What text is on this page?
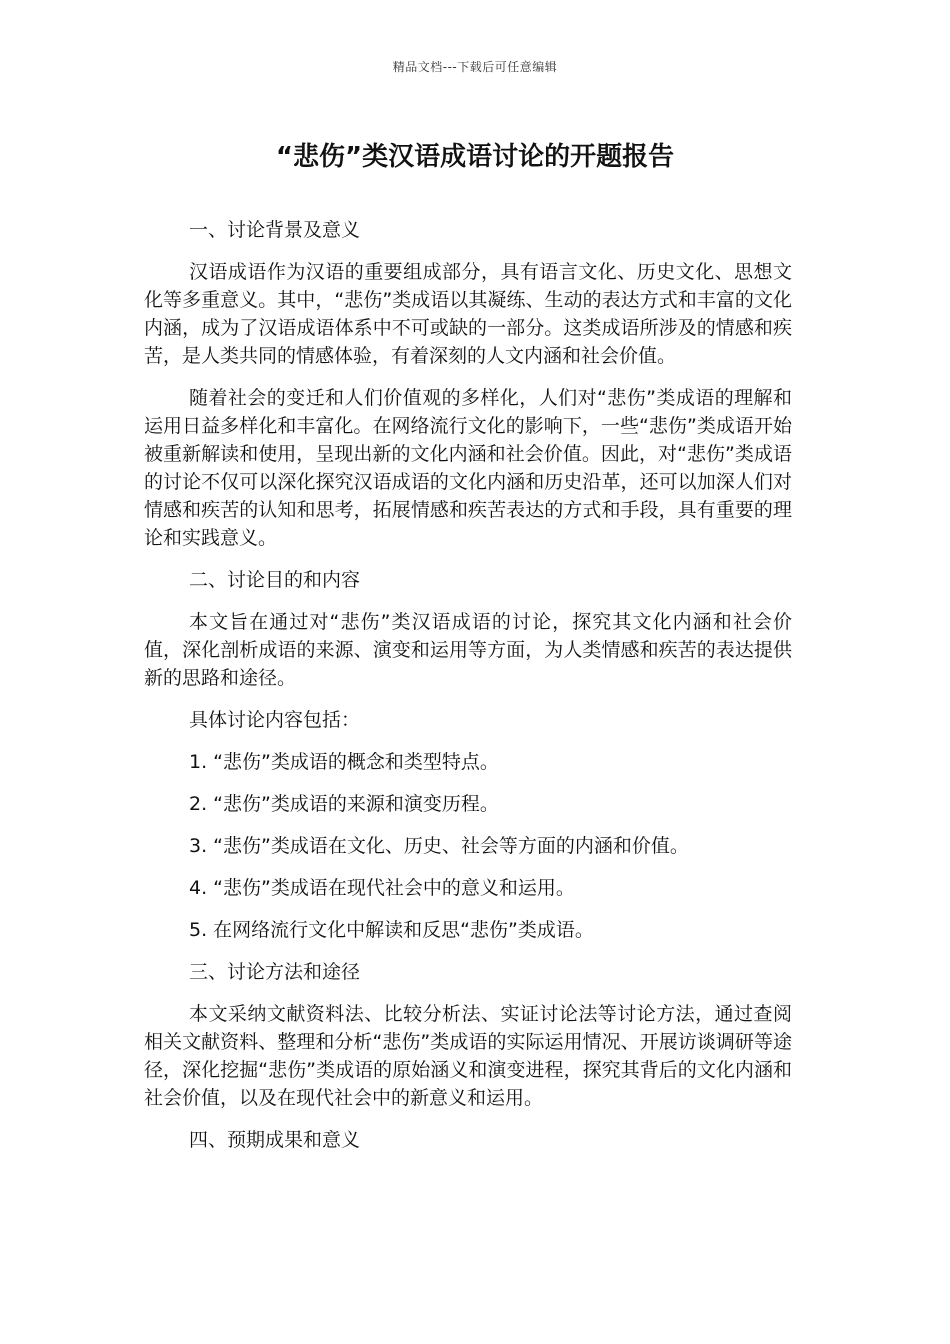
精品文档---下载后可任意编辑
“悲伤”类汉语成语讨论的开题报告
一、讨论背景及意义

汉语成语作为汉语的重要组成部分，具有语言文化、历史文化、思想文化等多重意义。其中，“悲伤”类成语以其凝练、生动的表达方式和丰富的文化内涵，成为了汉语成语体系中不可或缺的一部分。这类成语所涉及的情感和疾苦，是人类共同的情感体验，有着深刻的人文内涵和社会价值。

随着社会的变迁和人们价值观的多样化，人们对“悲伤”类成语的理解和运用日益多样化和丰富化。在网络流行文化的影响下，一些“悲伤”类成语开始被重新解读和使用，呈现出新的文化内涵和社会价值。因此，对“悲伤”类成语的讨论不仅可以深化探究汉语成语的文化内涵和历史沿革，还可以加深人们对情感和疾苦的认知和思考，拓展情感和疾苦表达的方式和手段，具有重要的理论和实践意义。

二、讨论目的和内容

本文旨在通过对“悲伤”类汉语成语的讨论，探究其文化内涵和社会价值，深化剖析成语的来源、演变和运用等方面，为人类情感和疾苦的表达提供新的思路和途径。

具体讨论内容包括：
1. “悲伤”类成语的概念和类型特点。
2. “悲伤”类成语的来源和演变历程。
3. “悲伤”类成语在文化、历史、社会等方面的内涵和价值。
4. “悲伤”类成语在现代社会中的意义和运用。
5. 在网络流行文化中解读和反思“悲伤”类成语。
三、讨论方法和途径

本文采纳文献资料法、比较分析法、实证讨论法等讨论方法，通过查阅相关文献资料、整理和分析“悲伤”类成语的实际运用情况、开展访谈调研等途径，深化挖掘“悲伤”类成语的原始涵义和演变进程，探究其背后的文化内涵和社会价值，以及在现代社会中的新意义和运用。

四、预期成果和意义
